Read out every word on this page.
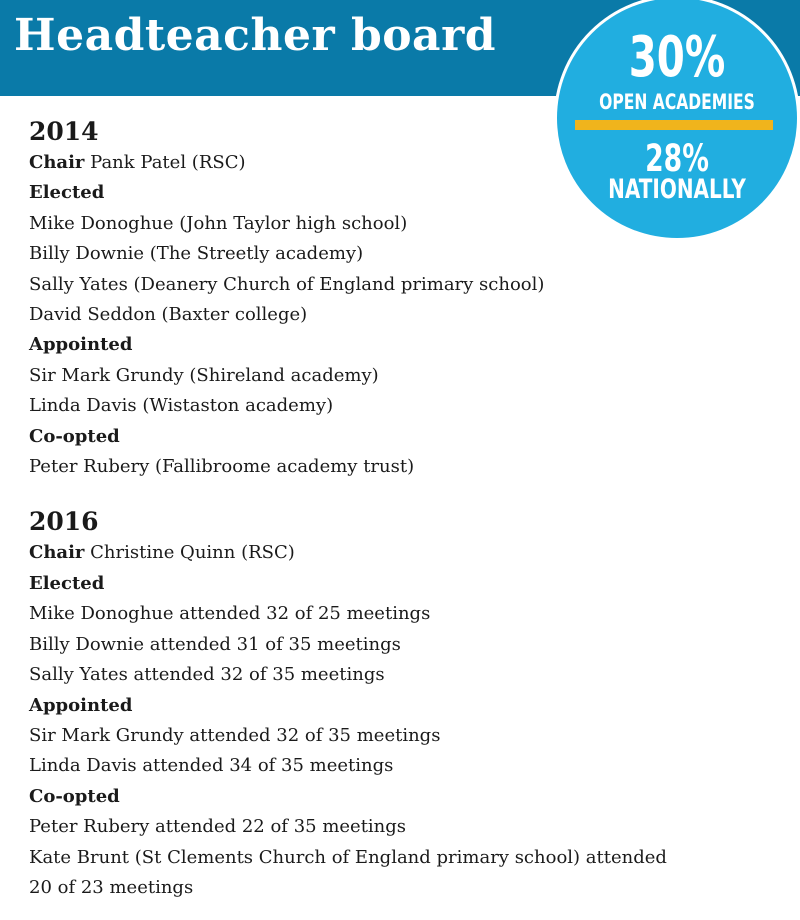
Headteacher board	30%
OPEN ACADEMIES
28%
NATIONALLY

2014

Chair Pank Patel (RSC)

Elected

Mike Donoghue (John Taylor high school)

Billy Downie (The Streetly academy)

Sally Yates (Deanery Church of England primary school)

David Seddon (Baxter college)

Appointed

Sir Mark Grundy (Shireland academy)

Linda Davis (Wistaston academy)

Co-opted

Peter Rubery (Fallibroome academy trust)

2016

Chair Christine Quinn (RSC)

Elected

Mike Donoghue attended 32 of 25 meetings

Billy Downie attended 31 of 35 meetings

Sally Yates attended 32 of 35 meetings

Appointed

Sir Mark Grundy attended 32 of 35 meetings

Linda Davis attended 34 of 35 meetings

Co-opted

Peter Rubery attended 22 of 35 meetings

Kate Brunt (St Clements Church of England primary school) attended

20 of 23 meetings
